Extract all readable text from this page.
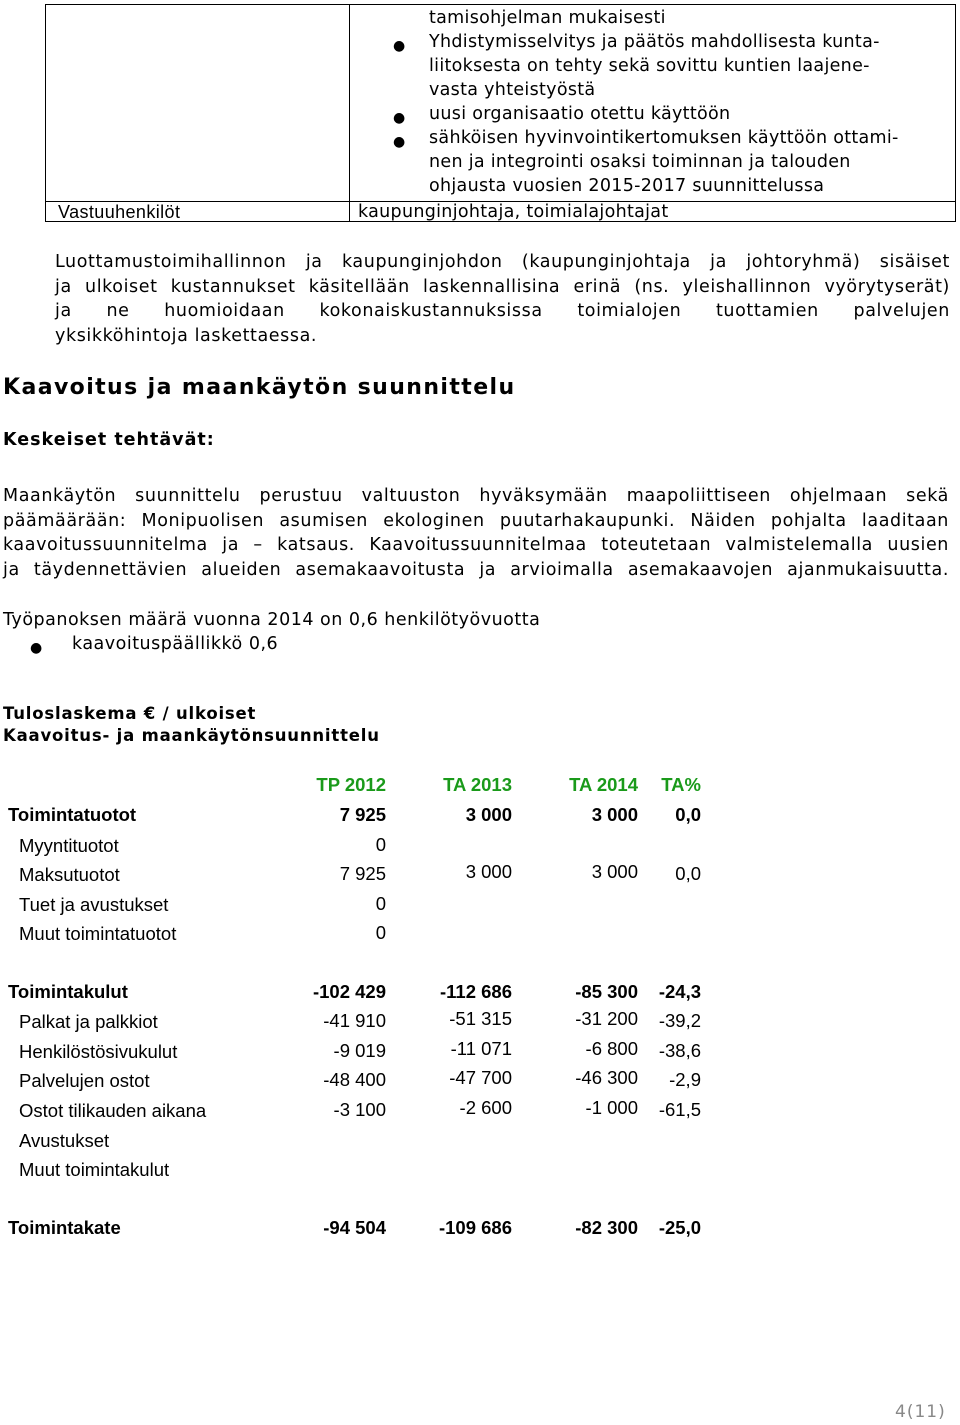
tamisohjelman mukaisesti
● Yhdistymisselvitys ja päätös mahdollisesta kunta-
liitoksesta on tehty sekä sovittu kuntien laajene-
vasta yhteistyöstä
● uusi organisaatio otettu käyttöön
● sähköisen hyvinvointikertomuksen käyttöön ottami-
nen ja integrointi osaksi toiminnan ja talouden
ohjausta vuosien 2015-2017 suunnittelussa
Vastuuhenkilöt	kaupunginjohtaja, toimialajohtajat
Luottamustoimihallinnon ja kaupunginjohdon (kaupunginjohtaja ja johtoryhmä) sisäiset
ja ulkoiset kustannukset käsitellään laskennallisina erinä (ns. yleishallinnon vyörytyserät)
ja ne huomioidaan kokonaiskustannuksissa toimialojen tuottamien palvelujen
yksikköhintoja laskettaessa.
Kaavoitus ja maankäytön suunnittelu
Keskeiset tehtävät:
Maankäytön suunnittelu perustuu valtuuston hyväksymään maapoliittiseen ohjelmaan sekä
päämäärään: Monipuolisen asumisen ekologinen puutarhakaupunki. Näiden pohjalta laaditaan
kaavoitussuunnitelma ja – katsaus. Kaavoitussuunnitelmaa toteutetaan valmistelemalla uusien
ja täydennettävien alueiden asemakaavoitusta ja arvioimalla asemakaavojen ajanmukaisuutta.
Työpanoksen määrä vuonna 2014 on 0,6 henkilötyövuotta
● kaavoituspäällikkö 0,6
Tuloslaskema € / ulkoiset
Kaavoitus- ja maankäytönsuunnittelu
TP 2012	TA 2013	TA 2014	TA%
Toimintatuotot	7 925	3 000	3 000	0,0
Myyntituotot	0
Maksutuotot	7 925	3 000	3 000	0,0
Tuet ja avustukset	0
Muut toimintatuotot	0
Toimintakulut	-102 429	-112 686	-85 300	-24,3
Palkat ja palkkiot	-41 910	-51 315	-31 200	-39,2
Henkilöstösivukulut	-9 019	-11 071	-6 800	-38,6
Palvelujen ostot	-48 400	-47 700	-46 300	-2,9
Ostot tilikauden aikana	-3 100	-2 600	-1 000	-61,5
Avustukset
Muut toimintakulut
Toimintakate	-94 504	-109 686	-82 300	-25,0
4(11)
